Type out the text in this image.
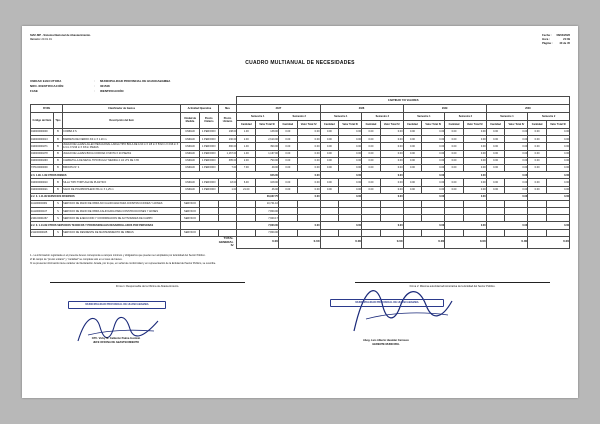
SIAF-MP - Sistema Nacional de Abastecimiento.
Versión: 20.01.01
Fecha :	08/04/2026
Hora :	21:39
Página :	40 de 45
CUADRO MULTIANUAL DE NECESIDADES
UNIDAD EJECUTORA	:	MUNICIPALIDAD PROVINCIAL DE HUANCABAMBA
NRO. IDENTIFICACIÓN	:	301548
FASE	:	IDENTIFICACIÓN
						CANTIDAD Y/O VALORES															
FF/Rb		Clasificador de Gastos	Actividad Operativa		Mes	2027				2028				2029				2030			
Código del Item	Tipo	Descripción del Item	Unidad de Medida	Precio Unitario	Precio Unitario	Semestre 1		Semestre 2		Semestre 1		Semestre 2		Semestre 1		Semestre 2		Semestre 1		Semestre 2	
						Cantidad	Valor Total S/	Cantidad	Valor Total S/	Cantidad	Valor Total S/	Cantidad	Valor Total S/	Cantidad	Valor Total S/	Cantidad	Valor Total S/	Cantidad	Valor Total S/	Cantidad	Valor Total S/
010000000000	B	COMBA 9 S	UNIDAD	1 PERIODO	138.00	1.00	138.00	0.00	0.00	0.00	0.00	0.00	0.00	0.00	0.00	0.00	0.00	0.00	0.00	0.00	0.00
010000000013	B	BARRETA DE FIERRO 3/4 in X 1.20 m.	UNIDAD	1 PERIODO	130.00	2.00	2,610.00	0.00	0.00	0.00	0.00	0.00	0.00	0.00	0.00	0.00	0.00	0.00	0.00	0.00	0.00
010000000271	B	JUEGO DE LLAVES ALLEN HEXAGONAL LARGA TIPO BOLA DE 1/16 in X 1/8 in X 5/32 in X 3/16 in X 1/4 in X 5/16 in X 3/8 in PIEZAS	UNIDAD	1 PERIODO	390.00	1.00	390.00	0.00	0.00	0.00	0.00	0.00	0.00	0.00	0.00	0.00	0.00	0.00	0.00	0.00	0.00
010000000278	B	JUEGO DE LLAVES BOCA CORONA O MIXTA X 20 PIEZAS	UNIDAD	1 PERIODO	1,167.00	1.00	1,167.00	0.00	0.00	0.00	0.00	0.00	0.00	0.00	0.00	0.00	0.00	0.00	0.00	0.00	0.00
010000000293	B	CARRETILLA DE METAL TIPO BUGGY MEDIDA 4 1/4 LTS DE 3 65	UNIDAD	1 PERIODO	395.00	2.00	790.00	0.00	0.00	0.00	0.00	0.00	0.00	0.00	0.00	0.00	0.00	0.00	0.00	0.00	0.00
737100000000	B	BROCHA Nº 4	UNIDAD	1 PERIODO	7.00	7.00	49.00	0.00	0.00	0.00	0.00	0.00	0.00	0.00	0.00	0.00	0.00	0.00	0.00	0.00	0.00
2.3. 1.99. 1.99 OTROS BIENES						846.00		0.00		0.00		0.00		0.00		0.00		0.00		0.00	
010000000010	B	SILLA TIPO TORTUGA DE PLASTICO	UNIDAD	1 PERIODO	18.00	6.00	108.00	0.00	0.00	0.00	0.00	0.00	0.00	0.00	0.00	0.00	0.00	0.00	0.00	0.00	0.00
010000000021	B	SACO DE POLIPROPILENO 65 cm X 1,25 m	UNIDAD	1 PERIODO	1.00	21.00	46.00	0.00	0.00	0.00	0.00	0.00	0.00	0.00	0.00	0.00	0.00	0.00	0.00	0.00	0.00
2.2. 3. 1.11.99 SERVICIOS DIVERSOS						36,937.75		0.00		0.00		0.00		0.00		0.00		0.00		0.00	
111100000081	S	SERVICIO DE MANO DE OBRA NO CALIFICADA PARA CONSTRUCCIONES Y AFINES	SERVICIO				10,741.10														
111100000107	S	SERVICIO DE MANO DE OBRA CALIFICADA PARA CONSTRUCCIONES Y AFINES	SERVICIO				7,800.00														
210100001067	S	SERVICIO DE EJECUCION Y COORDINACION DE ACTIVIDADES DE CAMPO	SERVICIO				7,900.17														
2.2. 3. 1.14.99 OTROS SERVICIOS TECNICOS Y PROFESIONALES DESARROLLADOS POR PERSONAS						7,800.00		0.00		0.00		0.00		0.00		0.00		0.00		0.00	
211100000025	S	SERVICIO DE RESIDENTE DE MANTENIMIENTO DE OBRAS	SERVICIO				7,800.00														
					TOTAL GENERAL S/	0.00		0.00		0.00		0.00		0.00		0.00		0.00		0.00	
1.- La información registrada en el presente Anexo corresponde a campos mínimos y obligatorios que pueden ser ampliados por la Entidad del Sector Público.
2/ El campo de "precio unitario" y "cantidad" se completa solo en el caso de bienes.
3/ La presente información tiene carácter de Declaración Jurada, por lo que, en señal de conformidad y en representación de la Entidad del Sector Público, se suscribe.
Firma 1: Responsable de la Oficina de Abastecimiento.	Firma 2: Máxima autoridad administrativa de la Entidad del Sector Público.
MUNICIPALIDAD PROVINCIAL DE HUANCABAMBA
CPC. Vicky M. Calderón Paima Guzmán
JEFE OFICINA DE ABASTECIMIENTO
MUNICIPALIDAD PROVINCIAL DE HUANCABAMBA
Abog. Luis Alberto Huamán Carrasco
GERENTE MUNICIPAL
